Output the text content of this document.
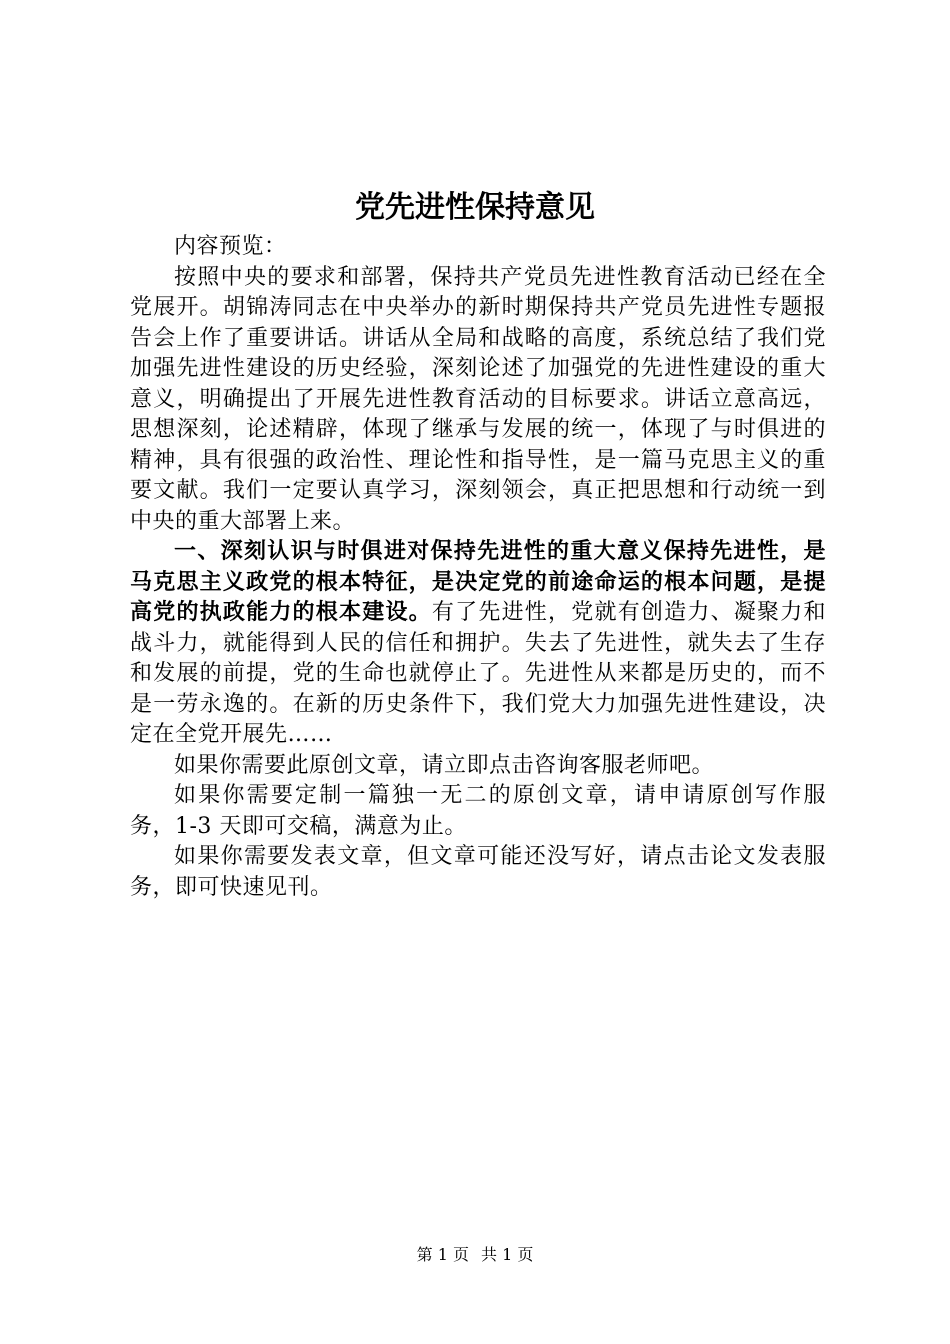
党先进性保持意见

内容预览：

按照中央的要求和部署，保持共产党员先进性教育活动已经在全党展开。胡锦涛同志在中央举办的新时期保持共产党员先进性专题报告会上作了重要讲话。讲话从全局和战略的高度，系统总结了我们党加强先进性建设的历史经验，深刻论述了加强党的先进性建设的重大意义，明确提出了开展先进性教育活动的目标要求。讲话立意高远，思想深刻，论述精辟，体现了继承与发展的统一，体现了与时俱进的精神，具有很强的政治性、理论性和指导性，是一篇马克思主义的重要文献。我们一定要认真学习，深刻领会，真正把思想和行动统一到中央的重大部署上来。

一、深刻认识与时俱进对保持先进性的重大意义保持先进性，是马克思主义政党的根本特征，是决定党的前途命运的根本问题，是提高党的执政能力的根本建设。有了先进性，党就有创造力、凝聚力和战斗力，就能得到人民的信任和拥护。失去了先进性，就失去了生存和发展的前提，党的生命也就停止了。先进性从来都是历史的，而不是一劳永逸的。在新的历史条件下，我们党大力加强先进性建设，决定在全党开展先……

如果你需要此原创文章，请立即点击咨询客服老师吧。

如果你需要定制一篇独一无二的原创文章，请申请原创写作服务，1-3 天即可交稿，满意为止。

如果你需要发表文章，但文章可能还没写好，请点击论文发表服务，即可快速见刊。

第 1 页 共 1 页
